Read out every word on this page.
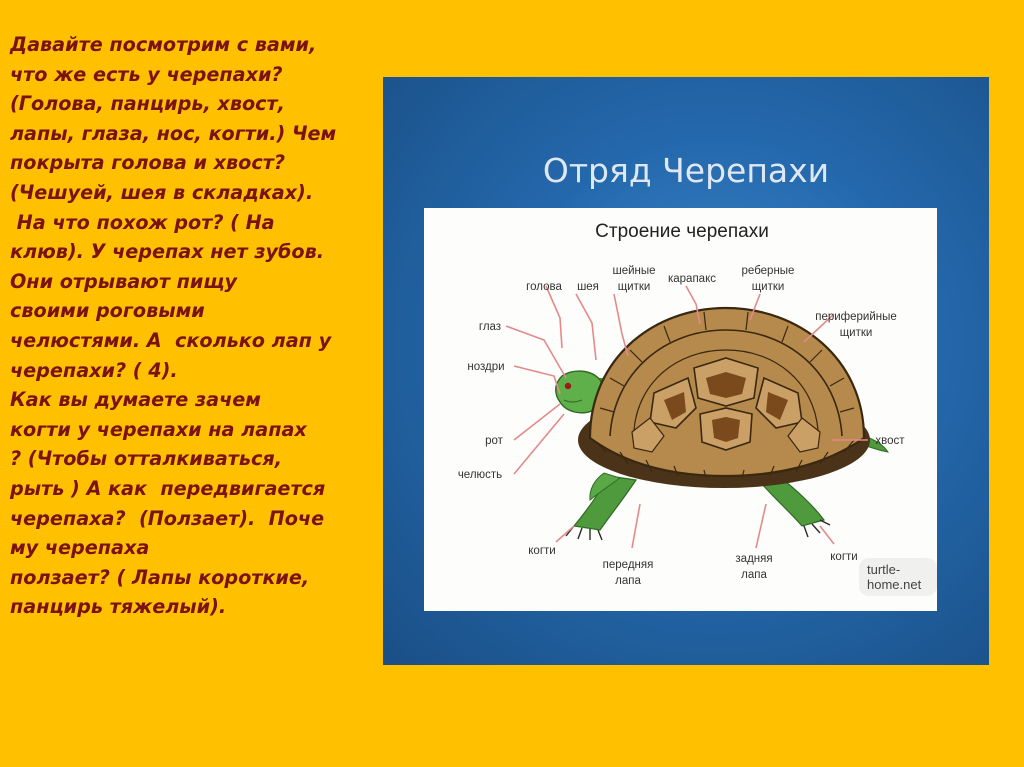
Давайте посмотрим с вами,
что же есть у черепахи?
(Голова, панцирь, хвост,
лапы, глаза, нос, когти.) Чем
покрыта голова и хвост?
(Чешуей, шея в складках).
На что похож рот? ( На
клюв). У черепах нет зубов.
Они отрывают пищу
своими роговыми
челюстями. А  сколько лап у
черепахи? ( 4).
Как вы думаете зачем
когти у черепахи на лапах
? (Чтобы отталкиваться,
рыть ) А как  передвигается
черепаха?  (Ползает).  Поче
му черепаха
ползает? ( Лапы короткие,
панцирь тяжелый).
Отряд Черепахи
Строение черепахи
голова шея
шейные
щитки
карапакс
реберные
щитки
периферийные
щитки
глаз
ноздри
рот
челюсть
хвост
когти
передняя
лапа
задняя
лапа
когти
turtle-home.net
